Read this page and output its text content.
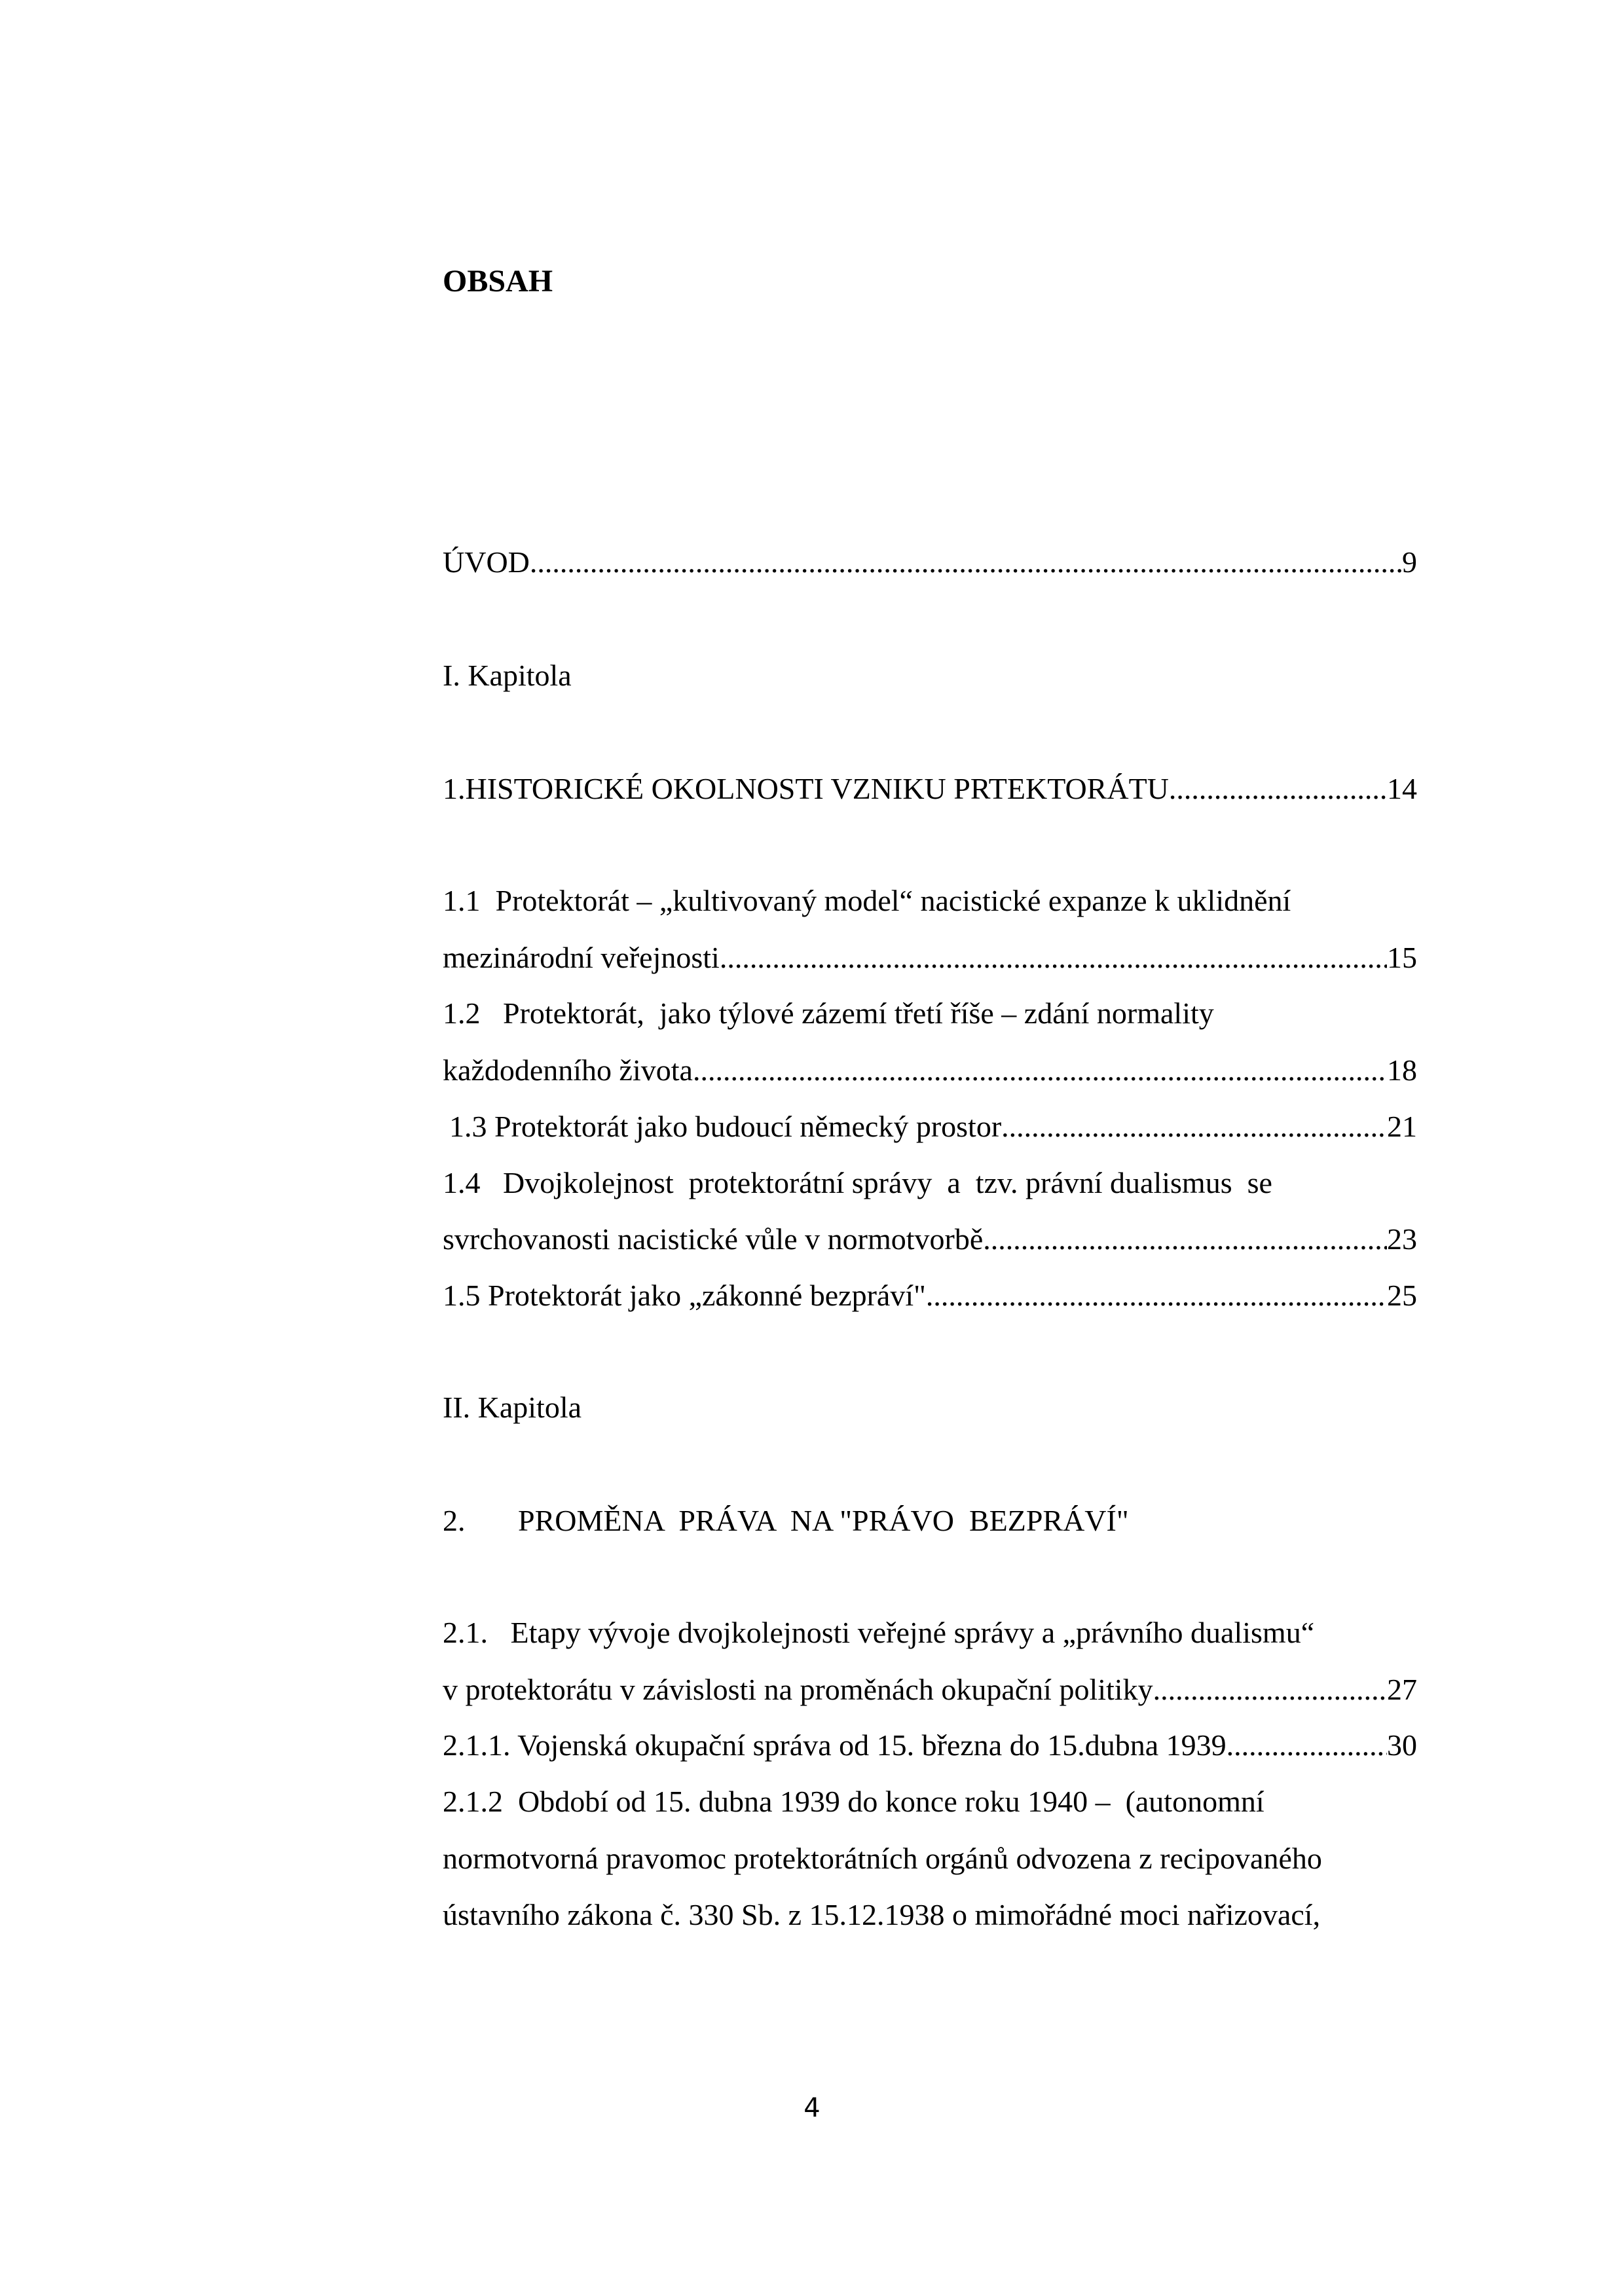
OBSAH
ÚVOD .....	9
I. Kapitola
1.HISTORICKÉ OKOLNOSTI VZNIKU PRTEKTORÁTU .....	14
1.1  Protektorát – „kultivovaný model“ nacistické expanze k uklidnění
mezinárodní veřejnosti .....	15
1.2   Protektorát,  jako týlové zázemí třetí říše – zdání normality
každodenního života .....	18
1.3 Protektorát jako budoucí německý prostor .....	21
1.4   Dvojkolejnost  protektorátní správy  a  tzv. právní dualismus  se
svrchovanosti nacistické vůle v normotvorbě .....	23
1.5 Protektorát jako „zákonné bezpráví"... .....	25
II. Kapitola
2.       PROMĚNA  PRÁVA  NA "PRÁVO  BEZPRÁVÍ"
2.1.   Etapy vývoje dvojkolejnosti veřejné správy a „právního dualismu“
v protektorátu v závislosti na proměnách okupační politiky .....	27
2.1.1. Vojenská okupační správa od 15. března do 15.dubna 1939 .....	30
2.1.2  Období od 15. dubna 1939 do konce roku 1940 –  (autonomní
normotvorná pravomoc protektorátních orgánů odvozena z recipovaného
ústavního zákona č. 330 Sb. z 15.12.1938 o mimořádné moci nařizovací,
4
